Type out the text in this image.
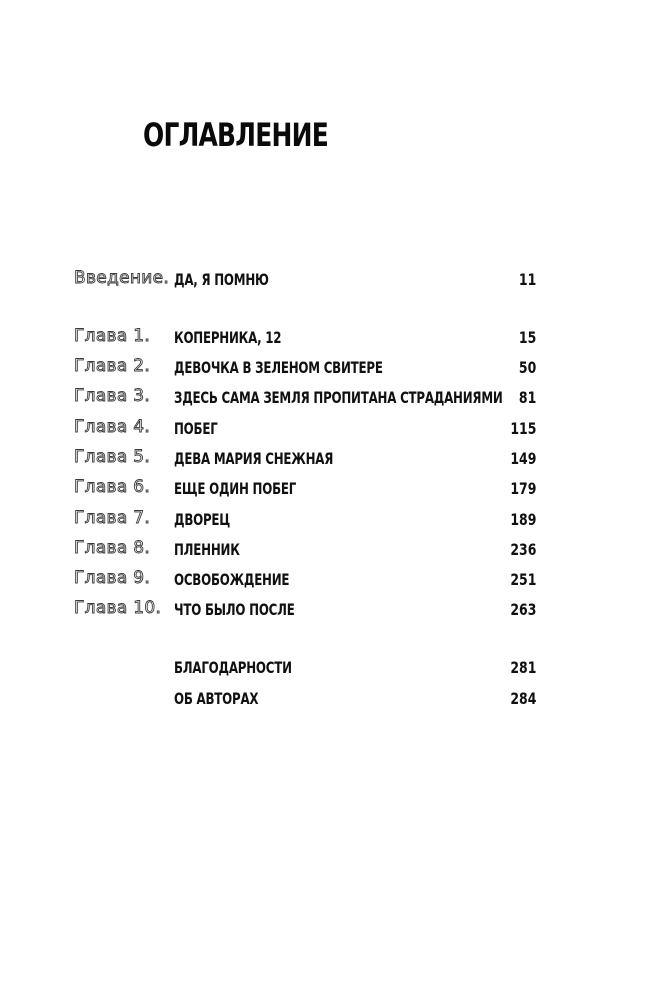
ОГЛАВЛЕНИЕ
Введение. ДА, Я ПОМНЮ	11
Глава 1. КОПЕРНИКА, 12	15
Глава 2. ДЕВОЧКА В ЗЕЛЕНОМ СВИТЕРЕ	50
Глава 3. ЗДЕСЬ САМА ЗЕМЛЯ ПРОПИТАНА СТРАДАНИЯМИ 81
Глава 4. ПОБЕГ	115
Глава 5. ДЕВА МАРИЯ СНЕЖНАЯ	149
Глава 6. ЕЩЕ ОДИН ПОБЕГ	179
Глава 7. ДВОРЕЦ	189
Глава 8. ПЛЕННИК	236
Глава 9. ОСВОБОЖДЕНИЕ	251
Глава 10. ЧТО БЫЛО ПОСЛЕ	263
БЛАГОДАРНОСТИ	281
ОБ АВТОРАХ	284
